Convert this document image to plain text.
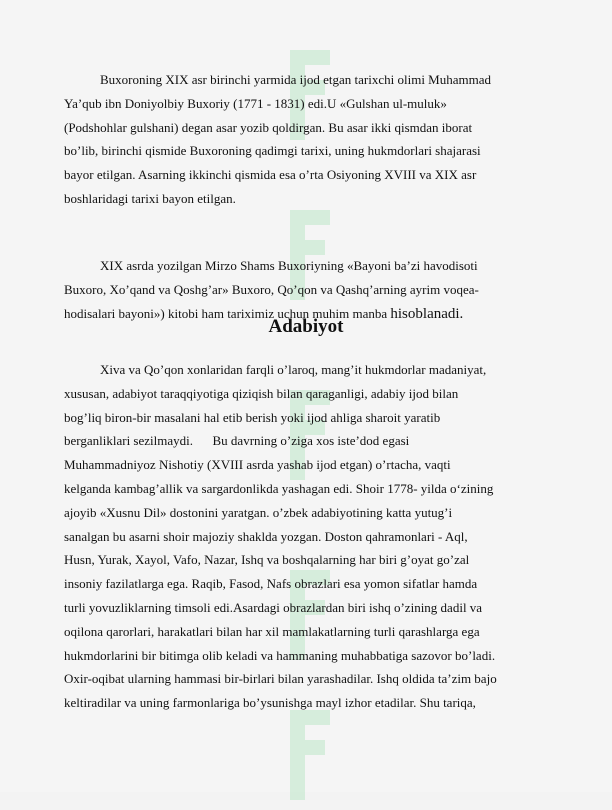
Buxoroning XIX asr birinchi yarmida ijod etgan tarixchi olimi Muhammad
Ya’qub ibn Doniyolbiy Buxoriy (1771 - 1831) edi.U «Gulshan ul-muluk»
(Podshohlar gulshani) degan asar yozib qoldirgan. Bu asar ikki qismdan iborat
bo’lib, birinchi qismide Buxoroning qadimgi tarixi, uning hukmdorlari shajarasi
bayor etilgan. Asarning ikkinchi qismida esa o’rta Osiyoning XVIII va XIX asr
boshlaridagi tarixi bayon etilgan.
XIX asrda yozilgan Mirzo Shams Buxoriyning «Bayoni ba’zi havodisoti
Buxoro, Xo’qand va Qoshg’ar» Buxoro, Qo’qon va Qashq’arning ayrim voqea-
hodisalari bayoni») kitobi ham tariximiz uchun muhim manba hisoblanadi.
Adabiyot
Xiva va Qo’qon xonlaridan farqli o’laroq, mang’it hukmdorlar madaniyat,
xususan, adabiyot taraqqiyotiga qiziqish bilan qaraganligi, adabiy ijod bilan
bog’liq biron-bir masalani hal etib berish yoki ijod ahliga sharoit yaratib
berganliklari sezilmaydi.      Bu davrning o’ziga xos iste’dod egasi
Muhammadniyoz Nishotiy (XVIII asrda yashab ijod etgan) o’rtacha, vaqti
kelganda kambag’allik va sargardonlikda yashagan edi. Shoir 1778- yilda o‘zining
ajoyib «Xusnu Dil» dostonini yaratgan. o’zbek adabiyotining katta yutug’i
sanalgan bu asarni shoir majoziy shaklda yozgan. Doston qahramonlari - Aql,
Husn, Yurak, Xayol, Vafo, Nazar, Ishq va boshqalarning har biri g’oyat go’zal
insoniy fazilatlarga ega. Raqib, Fasod, Nafs obrazlari esa yomon sifatlar hamda
turli yovuzliklarning timsoli edi.Asardagi obrazlardan biri ishq o’zining dadil va
oqilona qarorlari, harakatlari bilan har xil mamlakatlarning turli qarashlarga ega
hukmdorlarini bir bitimga olib keladi va hammaning muhabbatiga sazovor bo’ladi.
Oxir-oqibat ularning hammasi bir-birlari bilan yarashadilar. Ishq oldida ta’zim bajo
keltiradilar va uning farmonlariga bo’ysunishga mayl izhor etadilar. Shu tariqa,
